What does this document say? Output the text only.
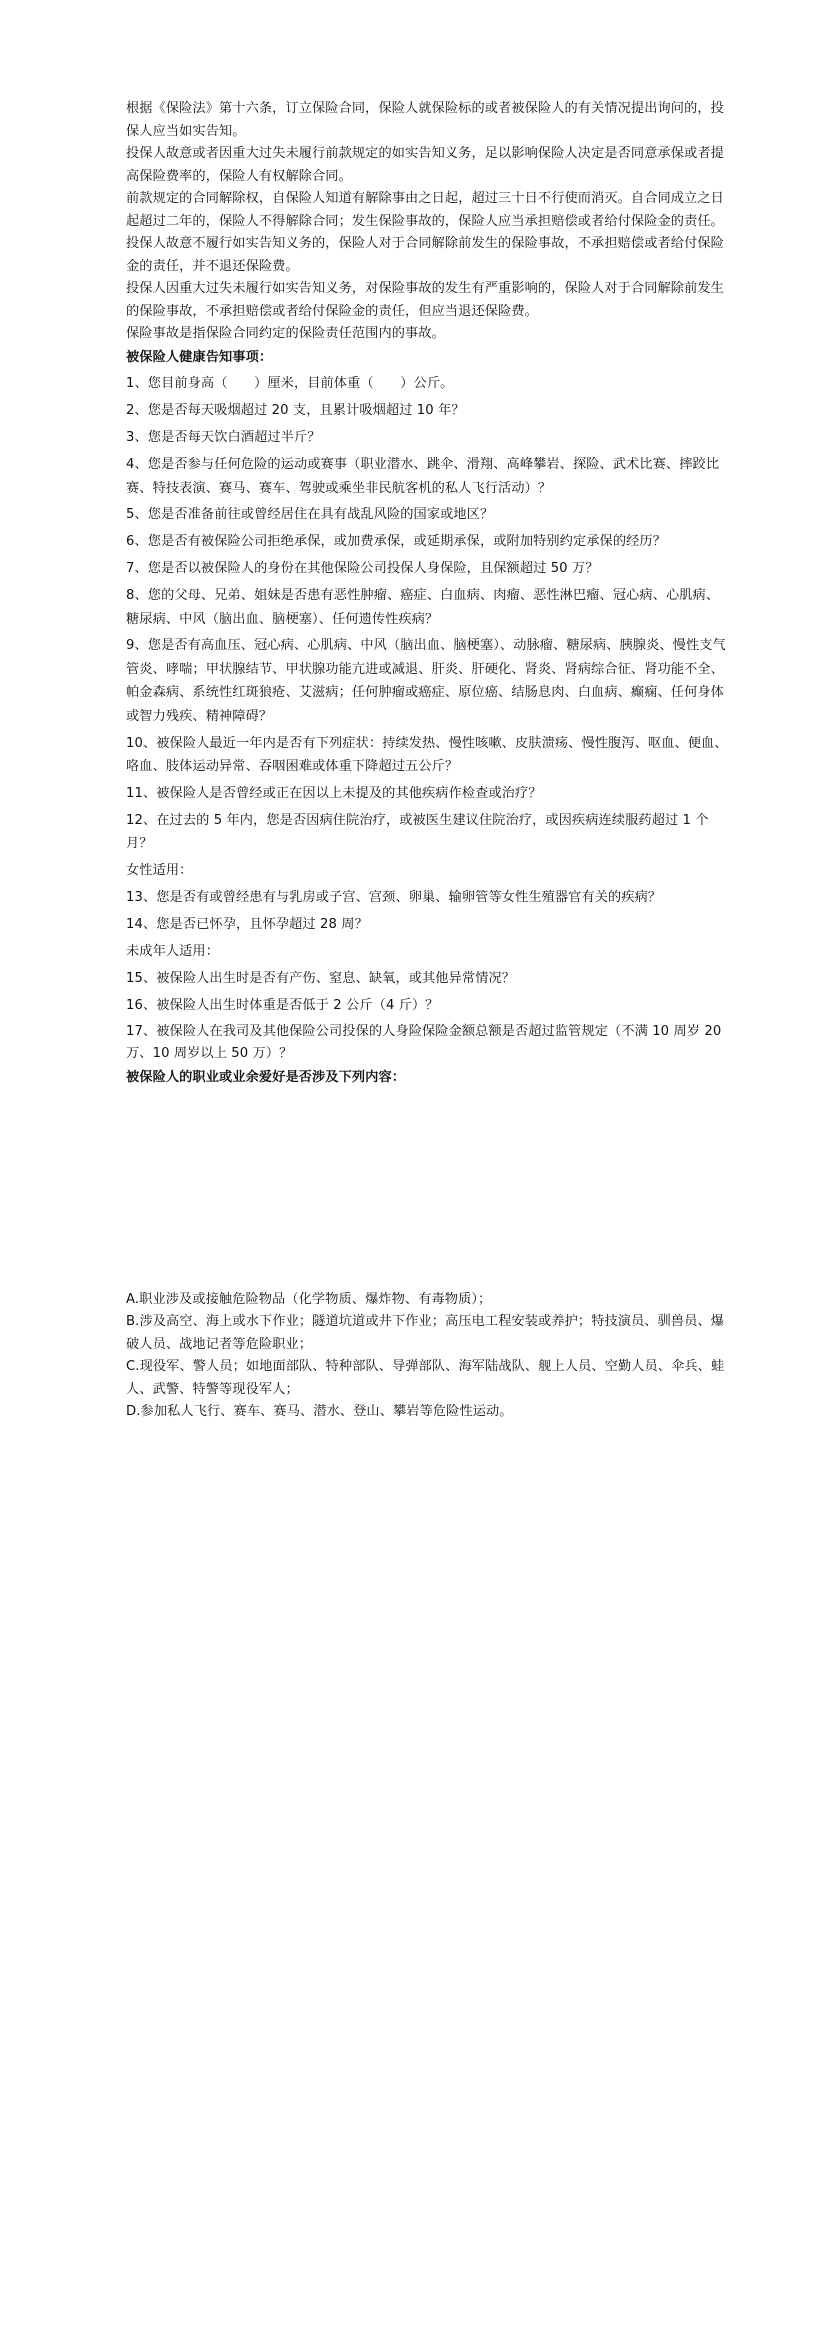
根据《保险法》第十六条，订立保险合同，保险人就保险标的或者被保险人的有关情况提出询问的，投保人应当如实告知。

投保人故意或者因重大过失未履行前款规定的如实告知义务，足以影响保险人决定是否同意承保或者提高保险费率的，保险人有权解除合同。

前款规定的合同解除权，自保险人知道有解除事由之日起，超过三十日不行使而消灭。自合同成立之日起超过二年的，保险人不得解除合同；发生保险事故的，保险人应当承担赔偿或者给付保险金的责任。

投保人故意不履行如实告知义务的，保险人对于合同解除前发生的保险事故，不承担赔偿或者给付保险金的责任，并不退还保险费。

投保人因重大过失未履行如实告知义务，对保险事故的发生有严重影响的，保险人对于合同解除前发生的保险事故，不承担赔偿或者给付保险金的责任，但应当退还保险费。

保险事故是指保险合同约定的保险责任范围内的事故。

被保险人健康告知事项：

1、您目前身高（　　）厘米，目前体重（　　）公斤。

2、您是否每天吸烟超过 20 支，且累计吸烟超过 10 年？

3、您是否每天饮白酒超过半斤？

4、您是否参与任何危险的运动或赛事（职业潜水、跳伞、滑翔、高峰攀岩、探险、武术比赛、摔跤比赛、特技表演、赛马、赛车、驾驶或乘坐非民航客机的私人飞行活动）？

5、您是否准备前往或曾经居住在具有战乱风险的国家或地区？

6、您是否有被保险公司拒绝承保，或加费承保，或延期承保，或附加特别约定承保的经历？

7、您是否以被保险人的身份在其他保险公司投保人身保险，且保额超过 50 万？

8、您的父母、兄弟、姐妹是否患有恶性肿瘤、癌症、白血病、肉瘤、恶性淋巴瘤、冠心病、心肌病、糖尿病、中风（脑出血、脑梗塞）、任何遗传性疾病？

9、您是否有高血压、冠心病、心肌病、中风（脑出血、脑梗塞）、动脉瘤、糖尿病、胰腺炎、慢性支气管炎、哮喘；甲状腺结节、甲状腺功能亢进或减退、肝炎、肝硬化、肾炎、肾病综合征、肾功能不全、帕金森病、系统性红斑狼疮、艾滋病；任何肿瘤或癌症、原位癌、结肠息肉、白血病、癫痫、任何身体或智力残疾、精神障碍？

10、被保险人最近一年内是否有下列症状：持续发热、慢性咳嗽、皮肤溃疡、慢性腹泻、呕血、便血、咯血、肢体运动异常、吞咽困难或体重下降超过五公斤？

11、被保险人是否曾经或正在因以上未提及的其他疾病作检查或治疗？

12、在过去的 5 年内，您是否因病住院治疗，或被医生建议住院治疗，或因疾病连续服药超过 1 个月？

女性适用：

13、您是否有或曾经患有与乳房或子宫、宫颈、卵巢、输卵管等女性生殖器官有关的疾病？

14、您是否已怀孕，且怀孕超过 28 周？

未成年人适用：

15、被保险人出生时是否有产伤、窒息、缺氧，或其他异常情况？

16、被保险人出生时体重是否低于 2 公斤（4 斤）？

17、被保险人在我司及其他保险公司投保的人身险保险金额总额是否超过监管规定（不满 10 周岁 20 万、10 周岁以上 50 万）？

被保险人的职业或业余爱好是否涉及下列内容：

A.职业涉及或接触危险物品（化学物质、爆炸物、有毒物质）；

B.涉及高空、海上或水下作业；隧道坑道或井下作业；高压电工程安装或养护；特技演员、驯兽员、爆破人员、战地记者等危险职业；

C.现役军、警人员；如地面部队、特种部队、导弹部队、海军陆战队、舰上人员、空勤人员、伞兵、蛙人、武警、特警等现役军人；

D.参加私人飞行、赛车、赛马、潜水、登山、攀岩等危险性运动。
